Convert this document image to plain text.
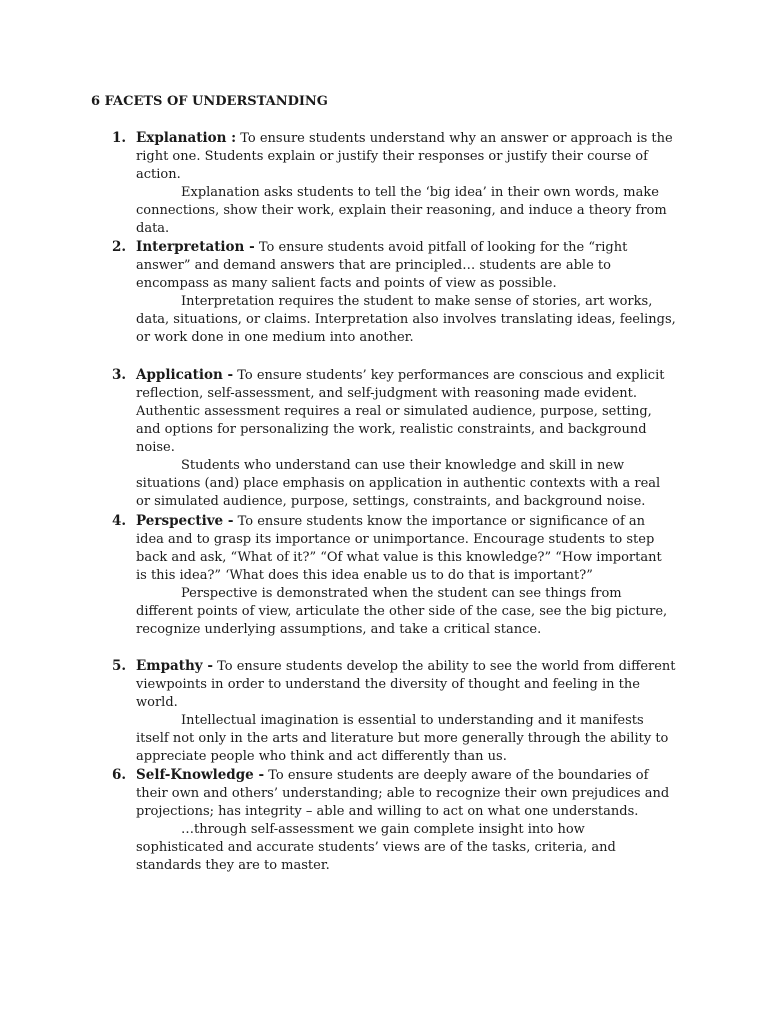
6 FACETS OF UNDERSTANDING
1. Explanation : To ensure students understand why an answer or approach is the right one. Students explain or justify their responses or justify their course of action.

Explanation asks students to tell the ‘big idea’ in their own words, make connections, show their work, explain their reasoning, and induce a theory from data.

2. Interpretation - To ensure students avoid pitfall of looking for the “right answer” and demand answers that are principled… students are able to encompass as many salient facts and points of view as possible.

Interpretation requires the student to make sense of stories, art works, data, situations, or claims. Interpretation also involves translating ideas, feelings, or work done in one medium into another.

3. Application - To ensure students’ key performances are conscious and explicit reflection, self-assessment, and self-judgment with reasoning made evident. Authentic assessment requires a real or simulated audience, purpose, setting, and options for personalizing the work, realistic constraints, and background noise.

Students who understand can use their knowledge and skill in new situations (and) place emphasis on application in authentic contexts with a real or simulated audience, purpose, settings, constraints, and background noise.

4. Perspective - To ensure students know the importance or significance of an idea and to grasp its importance or unimportance. Encourage students to step back and ask, “What of it?” “Of what value is this knowledge?” “How important is this idea?” ‘What does this idea enable us to do that is important?”

Perspective is demonstrated when the student can see things from different points of view, articulate the other side of the case, see the big picture, recognize underlying assumptions, and take a critical stance.

5. Empathy - To ensure students develop the ability to see the world from different viewpoints in order to understand the diversity of thought and feeling in the world.

Intellectual imagination is essential to understanding and it manifests itself not only in the arts and literature but more generally through the ability to appreciate people who think and act differently than us.

6. Self-Knowledge - To ensure students are deeply aware of the boundaries of their own and others’ understanding; able to recognize their own prejudices and projections; has integrity – able and willing to act on what one understands.

…through self-assessment we gain complete insight into how sophisticated and accurate students’ views are of the tasks, criteria, and standards they are to master.
